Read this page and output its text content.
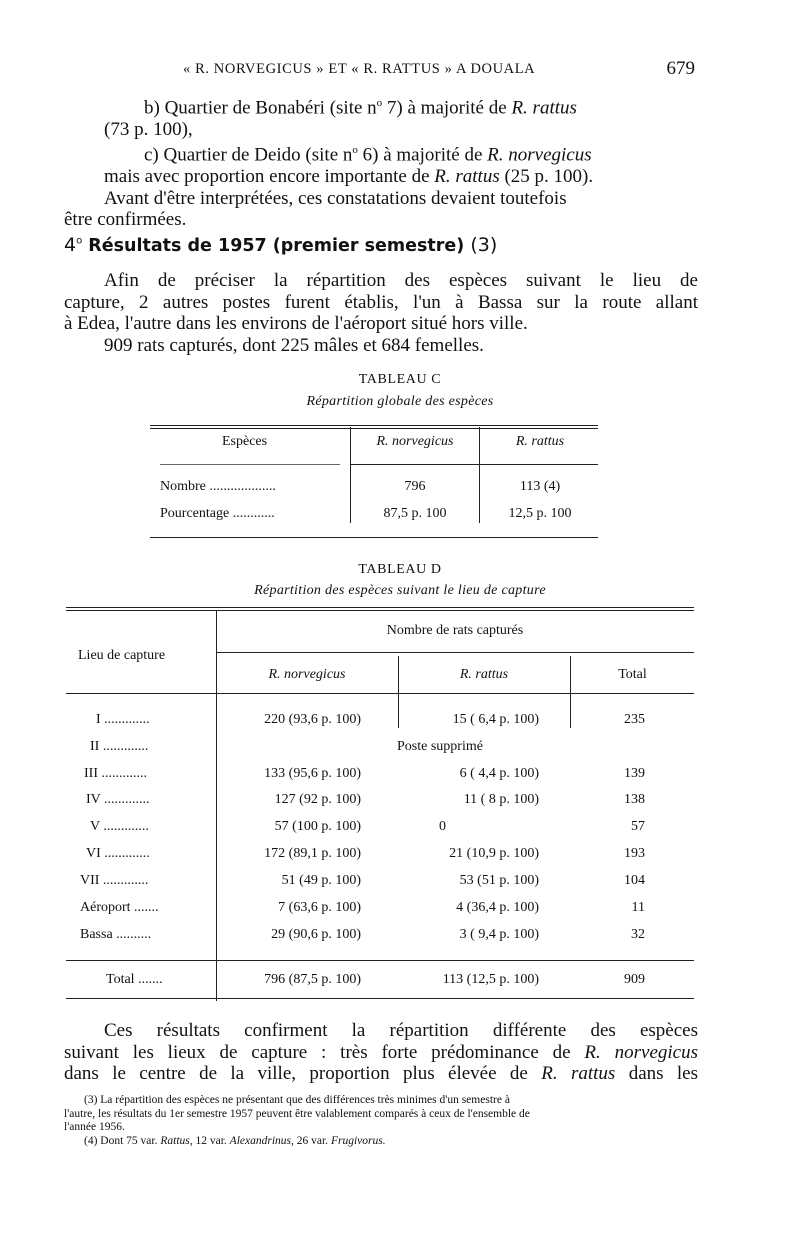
« R. NORVEGICUS » ET « R. RATTUS » A DOUALA	679
b) Quartier de Bonabéri (site $n^o$ 7) à majorité de R. rattus
(73 p. 100),
c) Quartier de Deido (site $n^o$ 6) à majorité de R. norvegicus
mais avec proportion encore importante de R. rattus (25 p. 100).
Avant d'être interprétées, ces constatations devaient toutefois
être confirmées.
4$^o$ Résultats de 1957 (premier semestre) (3)
Afin de préciser la répartition des espèces suivant le lieu de
capture, 2 autres postes furent établis, l'un à Bassa sur la route allant
à Edea, l'autre dans les environs de l'aéroport situé hors ville.
909 rats capturés, dont 225 mâles et 684 femelles.
TABLEAU C
Répartition globale des espèces
Espèces	R. norvegicus	R. rattus
Nombre ...................	796	113 (4)
Pourcentage ............	87,5 p. 100	12,5 p. 100
TABLEAU D
Répartition des espèces suivant le lieu de capture
Lieu de capture
Nombre de rats capturés
R. norvegicus	R. rattus	Total
I .............	220 (93,6 p. 100)	15 ( 6,4 p. 100)	235
II .............	Poste supprimé
III .............	133 (95,6 p. 100)	6 ( 4,4 p. 100)	139
IV .............	127 (92 p. 100)	11 ( 8 p. 100)	138
V .............	57 (100 p. 100)	0	57
VI .............	172 (89,1 p. 100)	21 (10,9 p. 100)	193
VII .............	51 (49 p. 100)	53 (51 p. 100)	104
Aéroport .......	7 (63,6 p. 100)	4 (36,4 p. 100)	11
Bassa ..........	29 (90,6 p. 100)	3 ( 9,4 p. 100)	32
Total .......	796 (87,5 p. 100)	113 (12,5 p. 100)	909
Ces résultats confirment la répartition différente des espèces
suivant les lieux de capture : très forte prédominance de R. norvegicus
dans le centre de la ville, proportion plus élevée de R. rattus dans les
(3) La répartition des espèces ne présentant que des différences très minimes d'un semestre à
l'autre, les résultats du 1er semestre 1957 peuvent être valablement comparés à ceux de l'ensemble de
l'année 1956.
(4) Dont 75 var. Rattus, 12 var. Alexandrinus, 26 var. Frugivorus.
